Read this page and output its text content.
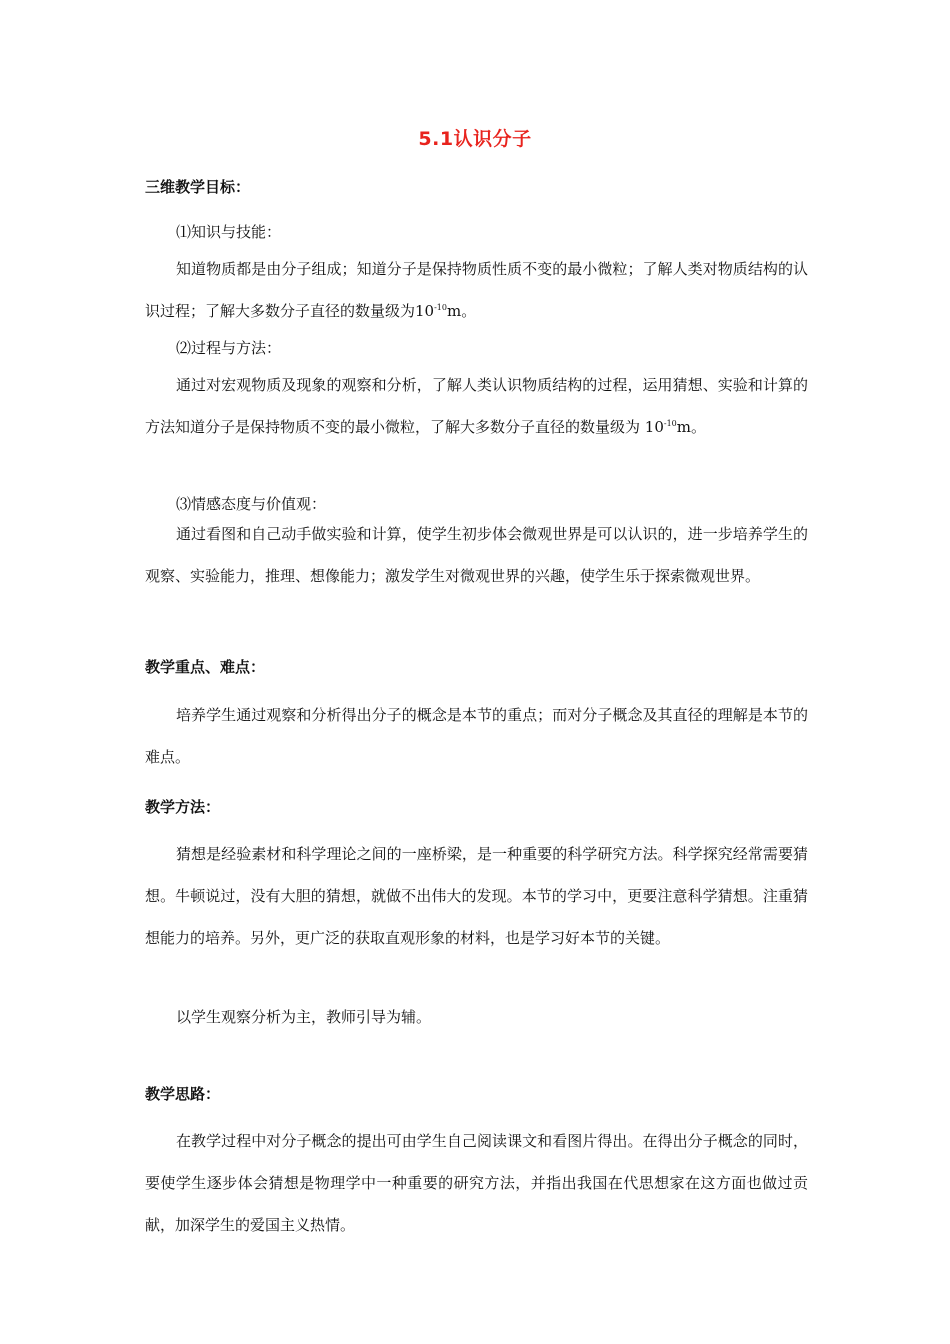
5.1认识分子
三维教学目标：
⑴知识与技能：

知道物质都是由分子组成；知道分子是保持物质性质不变的最小微粒；了解人类对物质结构的认识过程；了解大多数分子直径的数量级为$10^{-10}m$。

⑵过程与方法：

通过对宏观物质及现象的观察和分析，了解人类认识物质结构的过程，运用猜想、实验和计算的方法知道分子是保持物质不变的最小微粒，了解大多数分子直径的数量级为 $10^{-10}m$。

⑶情感态度与价值观：

通过看图和自己动手做实验和计算，使学生初步体会微观世界是可以认识的，进一步培养学生的观察、实验能力，推理、想像能力；激发学生对微观世界的兴趣，使学生乐于探索微观世界。

教学重点、难点：

培养学生通过观察和分析得出分子的概念是本节的重点；而对分子概念及其直径的理解是本节的难点。

教学方法：

猜想是经验素材和科学理论之间的一座桥梁，是一种重要的科学研究方法。科学探究经常需要猜想。牛顿说过，没有大胆的猜想，就做不出伟大的发现。本节的学习中，更要注意科学猜想。注重猜想能力的培养。另外，更广泛的获取直观形象的材料，也是学习好本节的关键。

以学生观察分析为主，教师引导为辅。

教学思路：

在教学过程中对分子概念的提出可由学生自己阅读课文和看图片得出。在得出分子概念的同时，要使学生逐步体会猜想是物理学中一种重要的研究方法，并指出我国在代思想家在这方面也做过贡献，加深学生的爱国主义热情。
